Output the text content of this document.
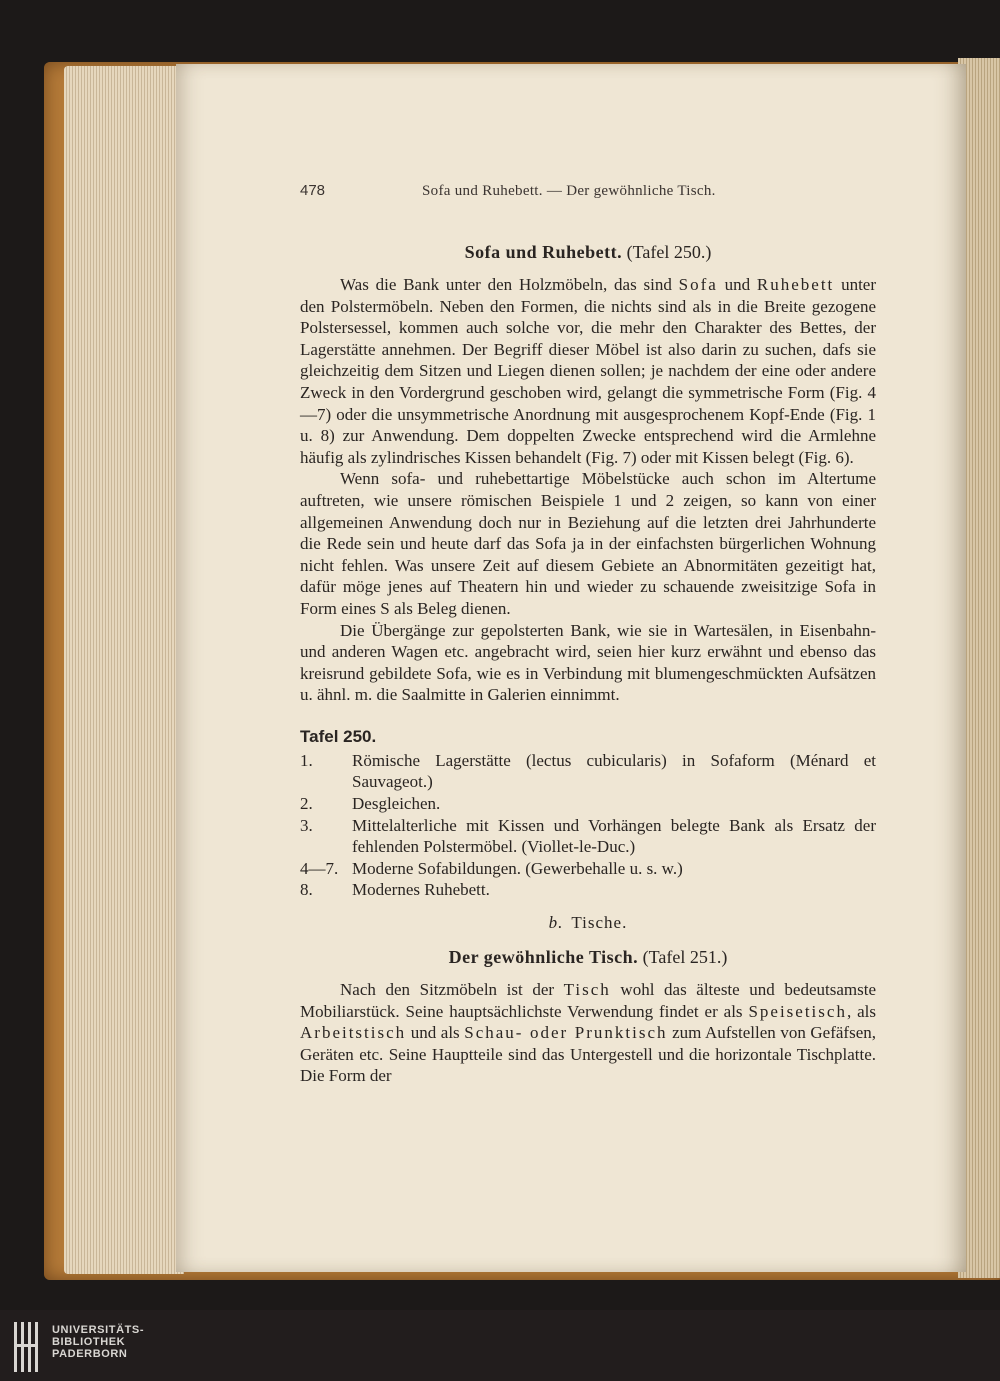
478	Sofa und Ruhebett. — Der gewöhnliche Tisch.
Sofa und Ruhebett. (Tafel 250.)

Was die Bank unter den Holzmöbeln, das sind Sofa und Ruhebett unter den Polstermöbeln. Neben den Formen, die nichts sind als in die Breite gezogene Polstersessel, kommen auch solche vor, die mehr den Charakter des Bettes, der Lagerstätte annehmen. Der Begriff dieser Möbel ist also darin zu suchen, dafs sie gleichzeitig dem Sitzen und Liegen dienen sollen; je nachdem der eine oder andere Zweck in den Vordergrund geschoben wird, gelangt die symmetrische Form (Fig. 4—7) oder die unsymmetrische Anordnung mit ausgesprochenem Kopf-Ende (Fig. 1 u. 8) zur Anwendung. Dem doppelten Zwecke entsprechend wird die Armlehne häufig als zylindrisches Kissen behandelt (Fig. 7) oder mit Kissen belegt (Fig. 6).

Wenn sofa- und ruhebettartige Möbelstücke auch schon im Altertume auftreten, wie unsere römischen Beispiele 1 und 2 zeigen, so kann von einer allgemeinen Anwendung doch nur in Beziehung auf die letzten drei Jahrhunderte die Rede sein und heute darf das Sofa ja in der einfachsten bürgerlichen Wohnung nicht fehlen. Was unsere Zeit auf diesem Gebiete an Abnormitäten gezeitigt hat, dafür möge jenes auf Theatern hin und wieder zu schauende zweisitzige Sofa in Form eines S als Beleg dienen.

Die Übergänge zur gepolsterten Bank, wie sie in Wartesälen, in Eisenbahn- und anderen Wagen etc. angebracht wird, seien hier kurz erwähnt und ebenso das kreisrund gebildete Sofa, wie es in Verbindung mit blumengeschmückten Aufsätzen u. ähnl. m. die Saalmitte in Galerien einnimmt.

Tafel 250.
1.	Römische Lagerstätte (lectus cubicularis) in Sofaform (Ménard et Sauvageot.)
2.	Desgleichen.
3.	Mittelalterliche mit Kissen und Vorhängen belegte Bank als Ersatz der fehlenden Polstermöbel. (Viollet-le-Duc.)
4—7. Moderne Sofabildungen. (Gewerbehalle u. s. w.)
8.	Modernes Ruhebett.
b. Tische.
Der gewöhnliche Tisch. (Tafel 251.)

Nach den Sitzmöbeln ist der Tisch wohl das älteste und bedeutsamste Mobiliarstück. Seine hauptsächlichste Verwendung findet er als Speisetisch, als Arbeitstisch und als Schau- oder Prunktisch zum Aufstellen von Gefäfsen, Geräten etc. Seine Hauptteile sind das Untergestell und die horizontale Tischplatte. Die Form der

UNIVERSITÄTS-
BIBLIOTHEK
PADERBORN
